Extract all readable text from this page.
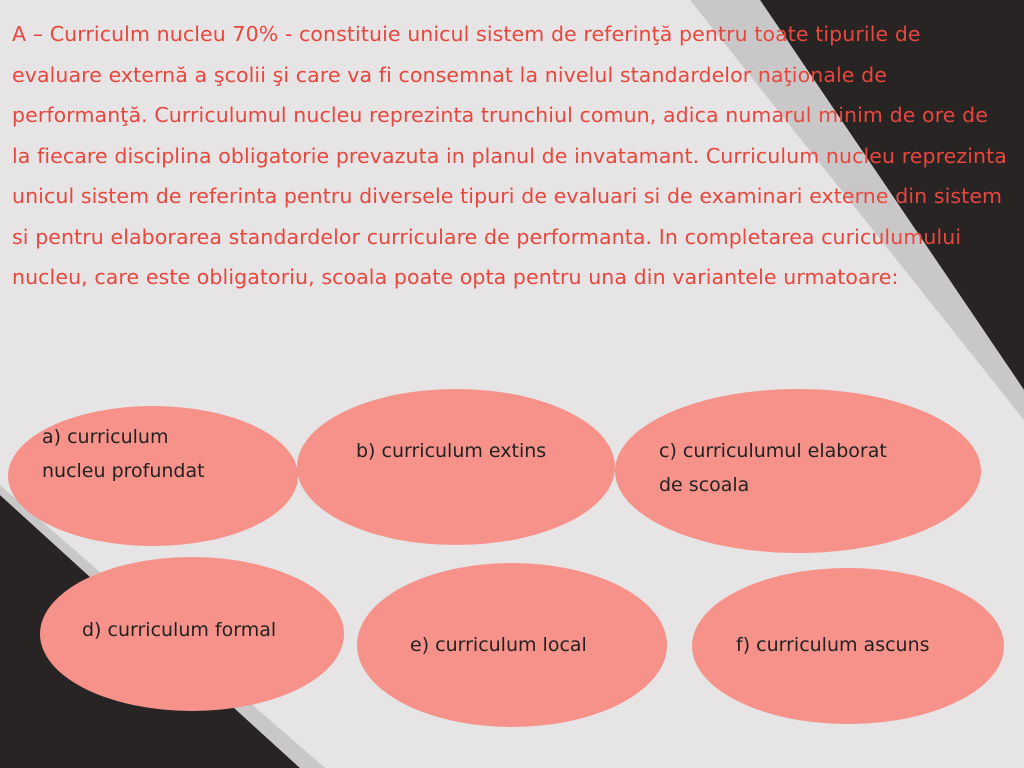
A – Curriculm nucleu 70% - constituie unicul sistem de referinţă pentru toate tipurile de evaluare externă a şcolii şi care va fi consemnat la nivelul standardelor naţionale de performanţă. Curriculumul nucleu reprezinta trunchiul comun, adica numarul minim de ore de la fiecare disciplina obligatorie prevazuta in planul de invatamant. Curriculum nucleu reprezinta unicul sistem de referinta pentru diversele tipuri de evaluari si de examinari externe din sistem si pentru elaborarea standardelor curriculare de performanta. In completarea curiculumului nucleu, care este obligatoriu, scoala poate opta pentru una din variantele urmatoare:

a) curriculum
nucleu profundat
b) curriculum extins	c) curriculumul elaborat
de scoala
d) curriculum formal
e) curriculum local	f) curriculum ascuns
